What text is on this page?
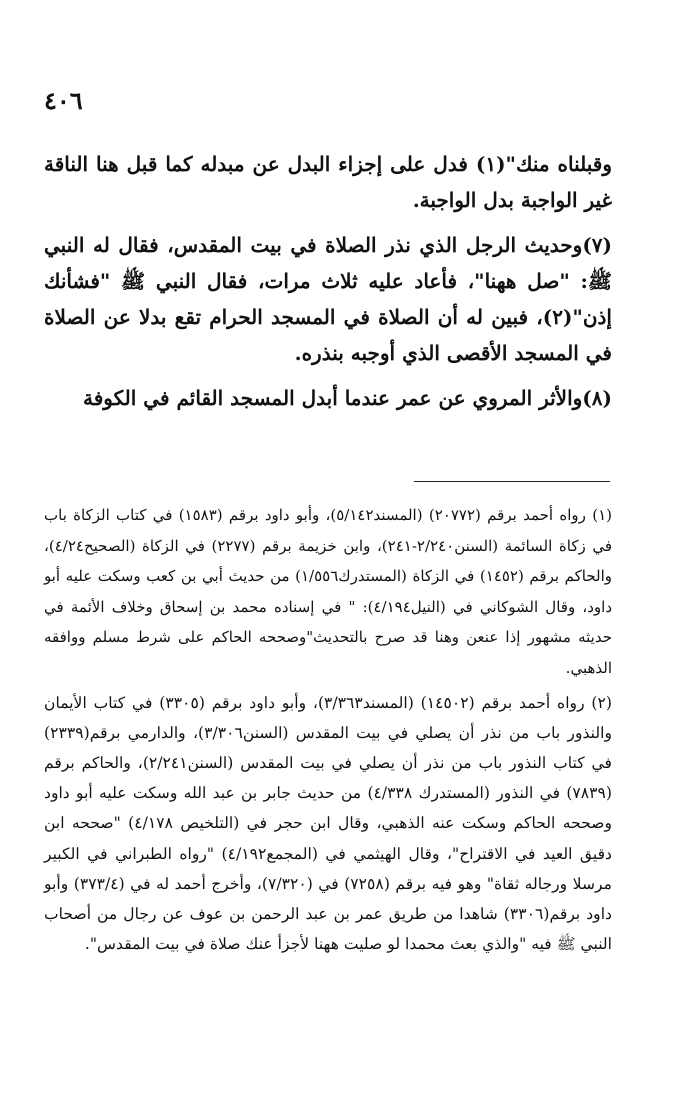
٤٠٦

وقبلناه منك"(١) فدل على إجزاء البدل عن مبدله كما قبل هنا الناقة غير الواجبة بدل الواجبة.

(٧)وحديث الرجل الذي نذر الصلاة في بيت المقدس، فقال له النبي ﷺ: "صل ههنا"، فأعاد عليه ثلاث مرات، فقال النبي ﷺ "فشأنك إذن"(٢)، فبين له أن الصلاة في المسجد الحرام تقع بدلا عن الصلاة في المسجد الأقصى الذي أوجبه بنذره.

(٨)والأثر المروي عن عمر عندما أبدل المسجد القائم في الكوفة

(١) رواه أحمد برقم (٢٠٧٧٢) (المسند٥/١٤٢)، وأبو داود برقم (١٥٨٣) في كتاب الزكاة باب في زكاة السائمة (السنن٢/٢٤٠-٢٤١)، وابن خزيمة برقم (٢٢٧٧) في الزكاة (الصحيح٤/٢٤)، والحاكم برقم (١٤٥٢) في الزكاة (المستدرك١/٥٥٦) من حديث أبي بن كعب وسكت عليه أبو داود، وقال الشوكاني في (النيل٤/١٩٤): " في إسناده محمد بن إسحاق وخلاف الأئمة في حديثه مشهور إذا عنعن وهنا قد صرح بالتحديث"وصححه الحاكم على شرط مسلم ووافقه الذهبي.

(٢) رواه أحمد برقم (١٤٥٠٢) (المسند٣/٣٦٣)، وأبو داود برقم (٣٣٠٥) في كتاب الأيمان والنذور باب من نذر أن يصلي في بيت المقدس (السنن٣/٣٠٦)، والدارمي برقم(٢٣٣٩) في كتاب النذور باب من نذر أن يصلي في بيت المقدس (السنن٢/٢٤١)، والحاكم برقم (٧٨٣٩) في النذور (المستدرك ٤/٣٣٨) من حديث جابر بن عبد الله وسكت عليه أبو داود وصححه الحاكم وسكت عنه الذهبي، وقال ابن حجر في (التلخيص ٤/١٧٨) "صححه ابن دقيق العيد في الاقتراح"، وقال الهيثمي في (المجمع٤/١٩٢) "رواه الطبراني في الكبير مرسلا ورجاله ثقاة" وهو فيه برقم (٧٢٥٨) في (٧/٣٢٠)، وأخرج أحمد له في (٣٧٣/٤) وأبو داود برقم(٣٣٠٦) شاهدا من طريق عمر بن عبد الرحمن بن عوف عن رجال من أصحاب النبي ﷺ فيه "والذي بعث محمدا لو صليت ههنا لأجزأ عنك صلاة في بيت المقدس".
